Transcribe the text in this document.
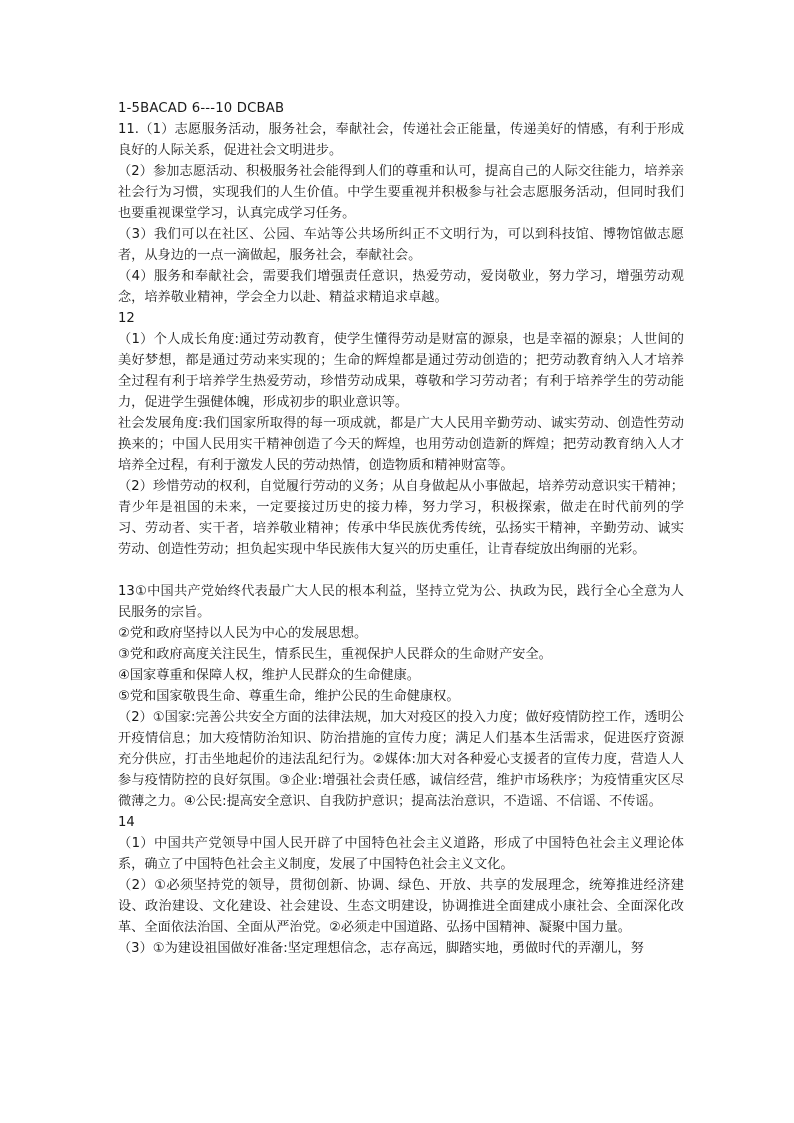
1-5BACAD 6---10 DCBAB

11.（1）志愿服务活动，服务社会，奉献社会，传递社会正能量，传递美好的情感，有利于形成良好的人际关系，促进社会文明进步。

（2）参加志愿活动、积极服务社会能得到人们的尊重和认可，提高自己的人际交往能力，培养亲社会行为习惯，实现我们的人生价值。中学生要重视并积极参与社会志愿服务活动，但同时我们也要重视课堂学习，认真完成学习任务。

（3）我们可以在社区、公园、车站等公共场所纠正不文明行为，可以到科技馆、博物馆做志愿者，从身边的一点一滴做起，服务社会，奉献社会。

（4）服务和奉献社会，需要我们增强责任意识，热爱劳动，爱岗敬业，努力学习，增强劳动观念，培养敬业精神，学会全力以赴、精益求精追求卓越。

12

（1）个人成长角度:通过劳动教育，使学生懂得劳动是财富的源泉，也是幸福的源泉；人世间的美好梦想，都是通过劳动来实现的；生命的辉煌都是通过劳动创造的；把劳动教育纳入人才培养全过程有利于培养学生热爱劳动，珍惜劳动成果，尊敬和学习劳动者；有利于培养学生的劳动能力，促进学生强健体魄，形成初步的职业意识等。

社会发展角度:我们国家所取得的每一项成就，都是广大人民用辛勤劳动、诚实劳动、创造性劳动换来的；中国人民用实干精神创造了今天的辉煌，也用劳动创造新的辉煌；把劳动教育纳入人才培养全过程，有利于激发人民的劳动热情，创造物质和精神财富等。

（2）珍惜劳动的权利，自觉履行劳动的义务；从自身做起从小事做起，培养劳动意识实干精神；青少年是祖国的未来，一定要接过历史的接力棒，努力学习，积极探索，做走在时代前列的学习、劳动者、实干者，培养敬业精神；传承中华民族优秀传统，弘扬实干精神，辛勤劳动、诚实劳动、创造性劳动；担负起实现中华民族伟大复兴的历史重任，让青春绽放出绚丽的光彩。

13①中国共产党始终代表最广大人民的根本利益，坚持立党为公、执政为民，践行全心全意为人民服务的宗旨。

②党和政府坚持以人民为中心的发展思想。

③党和政府高度关注民生，情系民生，重视保护人民群众的生命财产安全。

④国家尊重和保障人权，维护人民群众的生命健康。

⑤党和国家敬畏生命、尊重生命，维护公民的生命健康权。

（2）①国家:完善公共安全方面的法律法规，加大对疫区的投入力度；做好疫情防控工作，透明公开疫情信息；加大疫情防治知识、防治措施的宣传力度；满足人们基本生活需求，促进医疗资源充分供应，打击坐地起价的违法乱纪行为。②媒体:加大对各种爱心支援者的宣传力度，营造人人参与疫情防控的良好氛围。③企业:增强社会责任感，诚信经营，维护市场秩序；为疫情重灾区尽微薄之力。④公民:提高安全意识、自我防护意识；提高法治意识，不造谣、不信谣、不传谣。

14

（1）中国共产党领导中国人民开辟了中国特色社会主义道路，形成了中国特色社会主义理论体系，确立了中国特色社会主义制度，发展了中国特色社会主义文化。

（2）①必须坚持党的领导，贯彻创新、协调、绿色、开放、共享的发展理念，统筹推进经济建设、政治建设、文化建设、社会建设、生态文明建设，协调推进全面建成小康社会、全面深化改革、全面依法治国、全面从严治党。②必须走中国道路、弘扬中国精神、凝聚中国力量。

（3）①为建设祖国做好准备:坚定理想信念，志存高远，脚踏实地，勇做时代的弄潮儿，努
